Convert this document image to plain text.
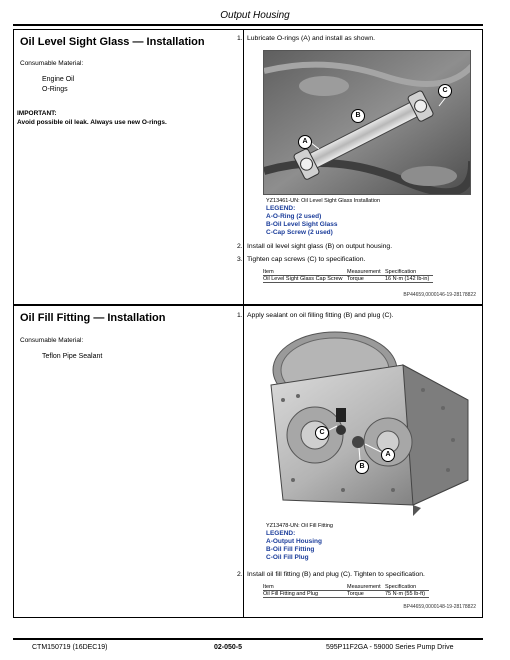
Output Housing
Oil Level Sight Glass — Installation
Consumable Material:
Engine Oil
O-Rings
IMPORTANT:
Avoid possible oil leak. Always use new O-rings.
1. Lubricate O-rings (A) and install as shown.
A
B
C
YZ13461-UN: Oil Level Sight Glass Installation
LEGEND:
A-O-Ring (2 used)
B-Oil Level Sight Glass
C-Cap Screw (2 used)
2. Install oil level sight glass (B) on output housing.
3. Tighten cap screws (C) to specification.
Item	Measurement	Specification
Oil Level Sight Glass Cap Screw	Torque	16 N·m (142 lb-in)
BP44659,0000146-19-28178822
Oil Fill Fitting — Installation
Consumable Material:
Teflon Pipe Sealant
1. Apply sealant on oil filling fitting (B) and plug (C).
C
B
A
YZ13478-UN: Oil Fill Fitting
LEGEND:
A-Output Housing
B-Oil Fill Fitting
C-Oil Fill Plug
2. Install oil fill fitting (B) and plug (C). Tighten to specification.
Item	Measurement	Specification
Oil Fill Fitting and Plug	Torque	75 N·m (55 lb-ft)
BP44659,0000148-19-28178822
CTM150719 (16DEC19)	02-050-5	595P11F2GA - 59000 Series Pump Drive
